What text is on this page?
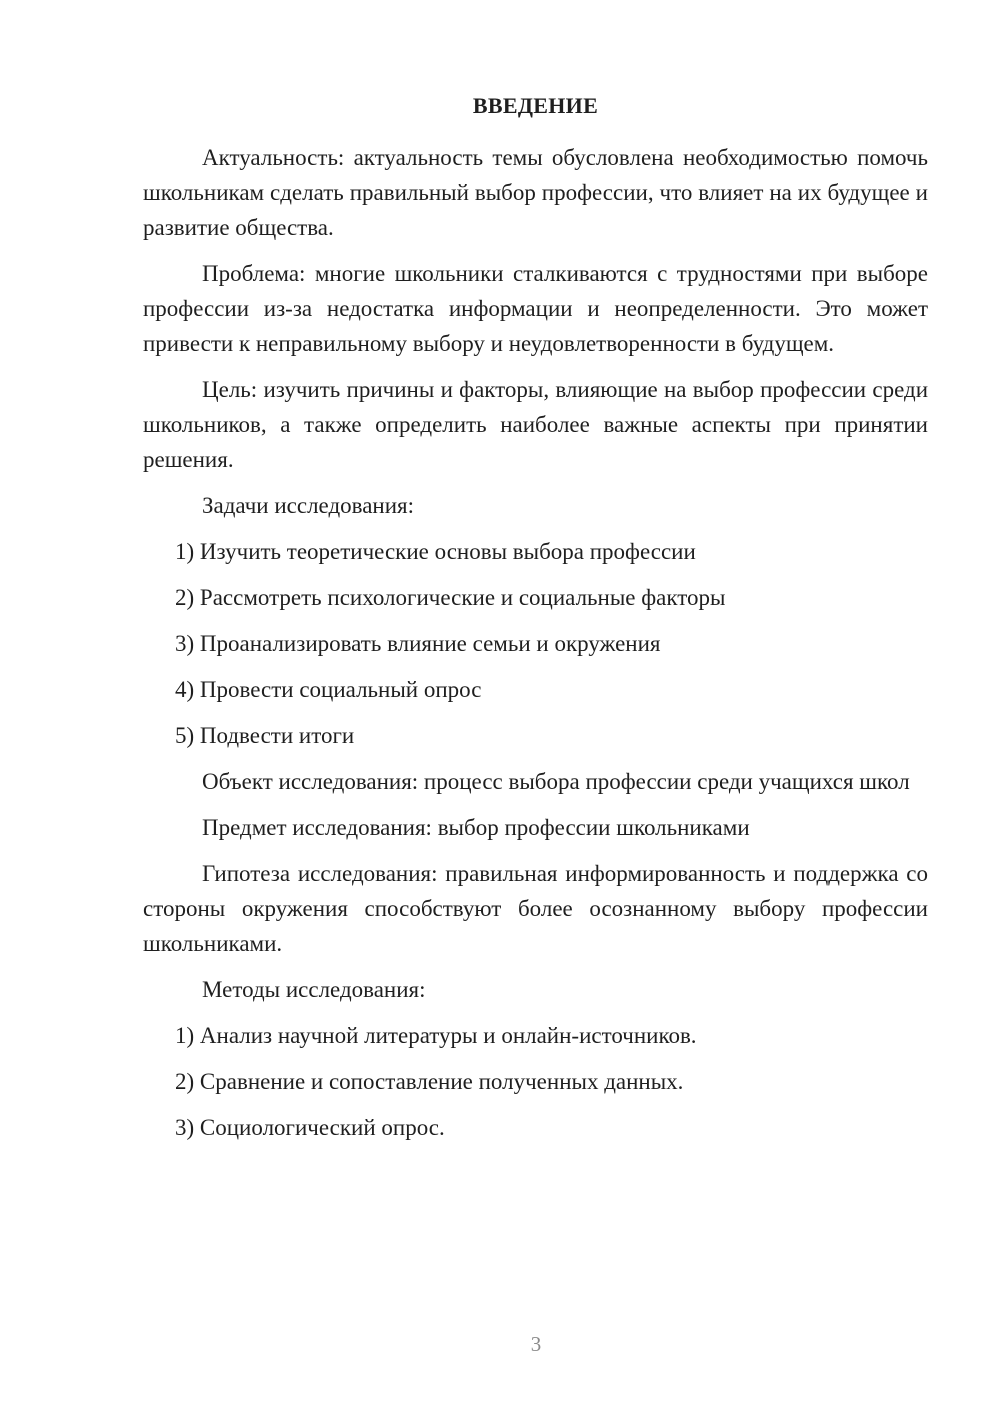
ВВЕДЕНИЕ

Актуальность: актуальность темы обусловлена необходимостью помочь школьникам сделать правильный выбор профессии, что влияет на их будущее и развитие общества.

Проблема: многие школьники сталкиваются с трудностями при выборе профессии из-за недостатка информации и неопределенности. Это может привести к неправильному выбору и неудовлетворенности в будущем.

Цель: изучить причины и факторы, влияющие на выбор профессии среди школьников, а также определить наиболее важные аспекты при принятии решения.

Задачи исследования:

1) Изучить теоретические основы выбора профессии

2) Рассмотреть психологические и социальные факторы

3) Проанализировать влияние семьи и окружения

4) Провести социальный опрос

5) Подвести итоги

Объект исследования: процесс выбора профессии среди учащихся школ

Предмет исследования: выбор профессии школьниками

Гипотеза исследования: правильная информированность и поддержка со стороны окружения способствуют более осознанному выбору профессии школьниками.

Методы исследования:

1) Анализ научной литературы и онлайн-источников.

2) Сравнение и сопоставление полученных данных.

3) Социологический опрос.

3
